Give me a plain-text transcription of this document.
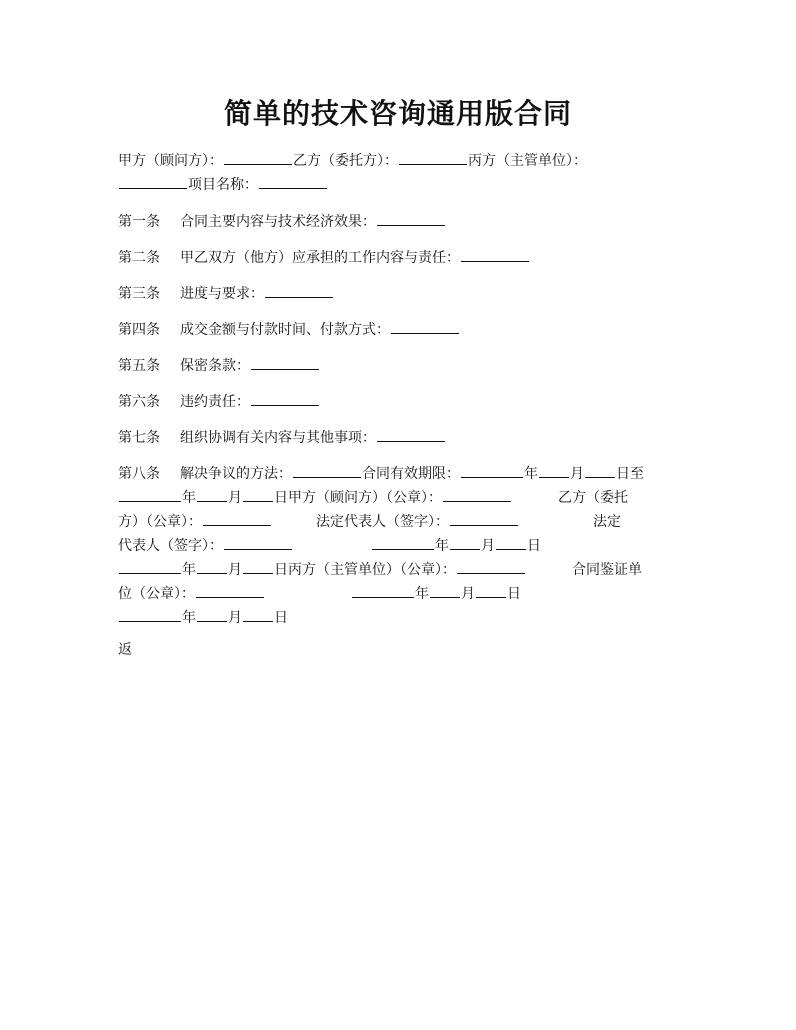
简单的技术咨询通用版合同
甲方（顾问方）：	乙方（委托方）：	丙方（主管单位）：
项目名称：
第一条 合同主要内容与技术经济效果：
第二条 甲乙双方（他方）应承担的工作内容与责任：
第三条 进度与要求：
第四条 成交金额与付款时间、付款方式：
第五条 保密条款：
第六条 违约责任：
第七条 组织协调有关内容与其他事项：
第八条 解决争议的方法：	合同有效期限：	年 月 日至
年 月 日甲方（顾问方）（公章）：	乙方（委托
方）（公章）：	法定代表人（签字）：	法定
代表人（签字）：	年 月 日
年 月 日丙方（主管单位）（公章）：	合同鉴证单
位（公章）：	年 月 日
年 月 日
返
